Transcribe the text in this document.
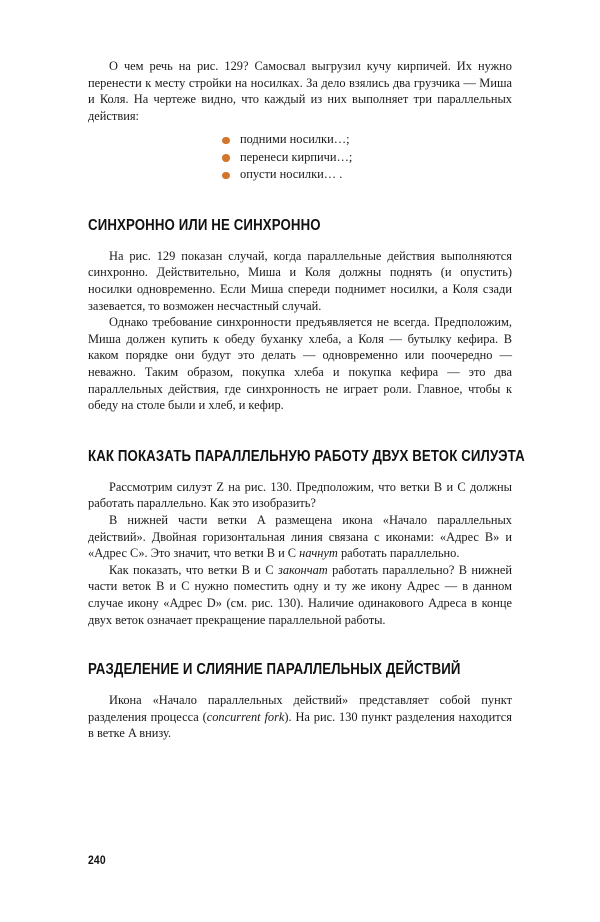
О чем речь на рис. 129? Самосвал выгрузил кучу кирпичей. Их нужно перенести к месту стройки на носилках. За дело взялись два грузчика — Миша и Коля. На чертеже видно, что каждый из них выполняет три параллельных действия:

подними носилки…;
перенеси кирпичи…;
опусти носилки… .
СИНХРОННО ИЛИ НЕ СИНХРОННО

На рис. 129 показан случай, когда параллельные действия выполняются синхронно. Действительно, Миша и Коля должны поднять (и опустить) носилки одновременно. Если Миша спереди поднимет носилки, а Коля сзади зазевается, то возможен несчастный случай.

Однако требование синхронности предъявляется не всегда. Предположим, Миша должен купить к обеду буханку хлеба, а Коля — бутылку кефира. В каком порядке они будут это делать — одновременно или поочередно — неважно. Таким образом, покупка хлеба и покупка кефира — это два параллельных действия, где синхронность не играет роли. Главное, чтобы к обеду на столе были и хлеб, и кефир.

КАК ПОКАЗАТЬ ПАРАЛЛЕЛЬНУЮ РАБОТУ ДВУХ ВЕТОК СИЛУЭТА

Рассмотрим силуэт Z на рис. 130. Предположим, что ветки B и C должны работать параллельно. Как это изобразить?

В нижней части ветки A размещена икона «Начало параллельных действий». Двойная горизонтальная линия связана с иконами: «Адрес B» и «Адрес C». Это значит, что ветки B и C начнут работать параллельно.

Как показать, что ветки B и C закончат работать параллельно? В нижней части веток B и C нужно поместить одну и ту же икону Адрес — в данном случае икону «Адрес D» (см. рис. 130). Наличие одинакового Адреса в конце двух веток означает прекращение параллельной работы.

РАЗДЕЛЕНИЕ И СЛИЯНИЕ ПАРАЛЛЕЛЬНЫХ ДЕЙСТВИЙ

Икона «Начало параллельных действий» представляет собой пункт разделения процесса (concurrent fork). На рис. 130 пункт разделения находится в ветке A внизу.

240
